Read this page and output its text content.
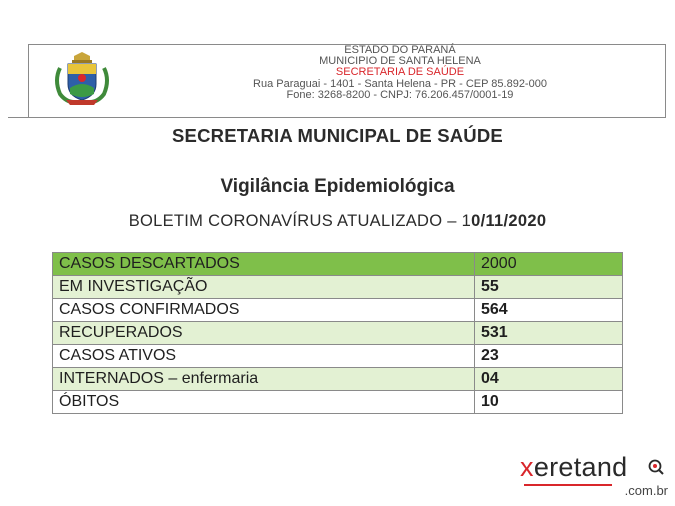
ESTADO DO PARANÁ
MUNICIPIO DE SANTA HELENA
SECRETARIA DE SAÚDE
Rua Paraguai - 1401 - Santa Helena - PR - CEP 85.892-000
Fone: 3268-8200 - CNPJ: 76.206.457/0001-19
SECRETARIA MUNICIPAL DE SAÚDE
Vigilância Epidemiológica
BOLETIM CORONAVÍRUS ATUALIZADO – 10/11/2020
CASOS DESCARTADOS	2000
EM INVESTIGAÇÃO	55
CASOS CONFIRMADOS	564
RECUPERADOS	531
CASOS ATIVOS	23
INTERNADOS – enfermaria	04
ÓBITOS	10
xeretand
.com.br
